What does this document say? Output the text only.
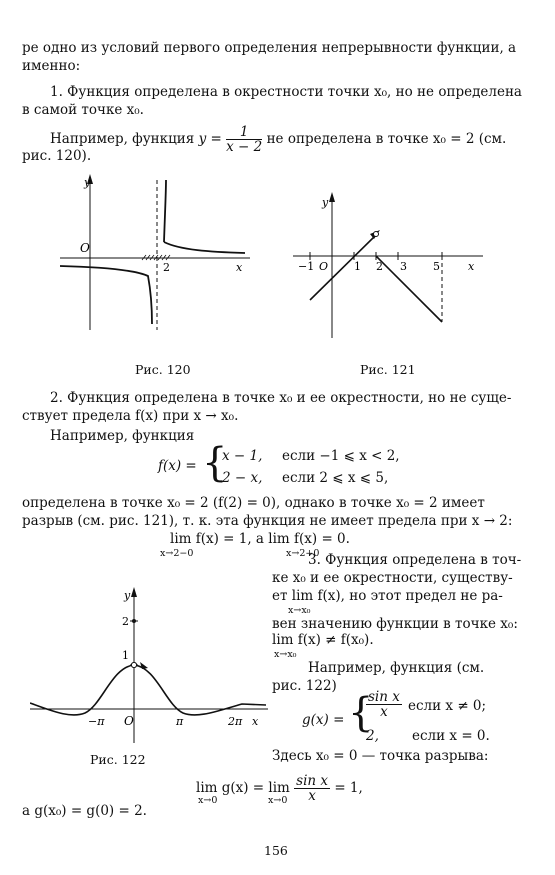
ре одно из условий первого определения непрерывности функции, а
именно:
1. Функция определена в окрестности точки x₀, но не определена
в самой точке x₀.
Например, функция $y = \frac{1}{x - 2}$ не определена в точке x₀ = 2 (см.
рис. 120).
y
O
2	x
y
O
−1	1 2 3 5	x
Рис. 120	Рис. 121
2. Функция определена в точке x₀ и ее окрестности, но не суще-
ствует предела f(x) при x → x₀.
Например, функция
f(x) = {
x − 1, если −1 ⩽ x < 2,
2 − x, если 2 ⩽ x ⩽ 5,
определена в точке x₀ = 2 (f(2) = 0), однако в точке x₀ = 2 имеет
разрыв (см. рис. 121), т. к. эта функция не имеет предела при x → 2:
lim f(x) = 1, а lim f(x) = 0.
x→2−0	x→2+0
3. Функция определена в точ-
ке x₀ и ее окрестности, существу-
ет lim f(x), но этот предел не ра-
x→x₀
вен значению функции в точке x₀:
lim f(x) ≠ f(x₀).
x→x₀
Например, функция (см.
рис. 122)
g(x) = {
$\frac{\text{sin x}}{x}$ если x ≠ 0;
2, если x = 0.
y
2
1
O
−π	π	2π x
Рис. 122	Здесь x₀ = 0 — точка разрыва:
$\lim g(x) = \lim \frac{\text{sin x}}{x} = 1$,
x→0	x→0
а g(x₀) = g(0) = 2.
156
